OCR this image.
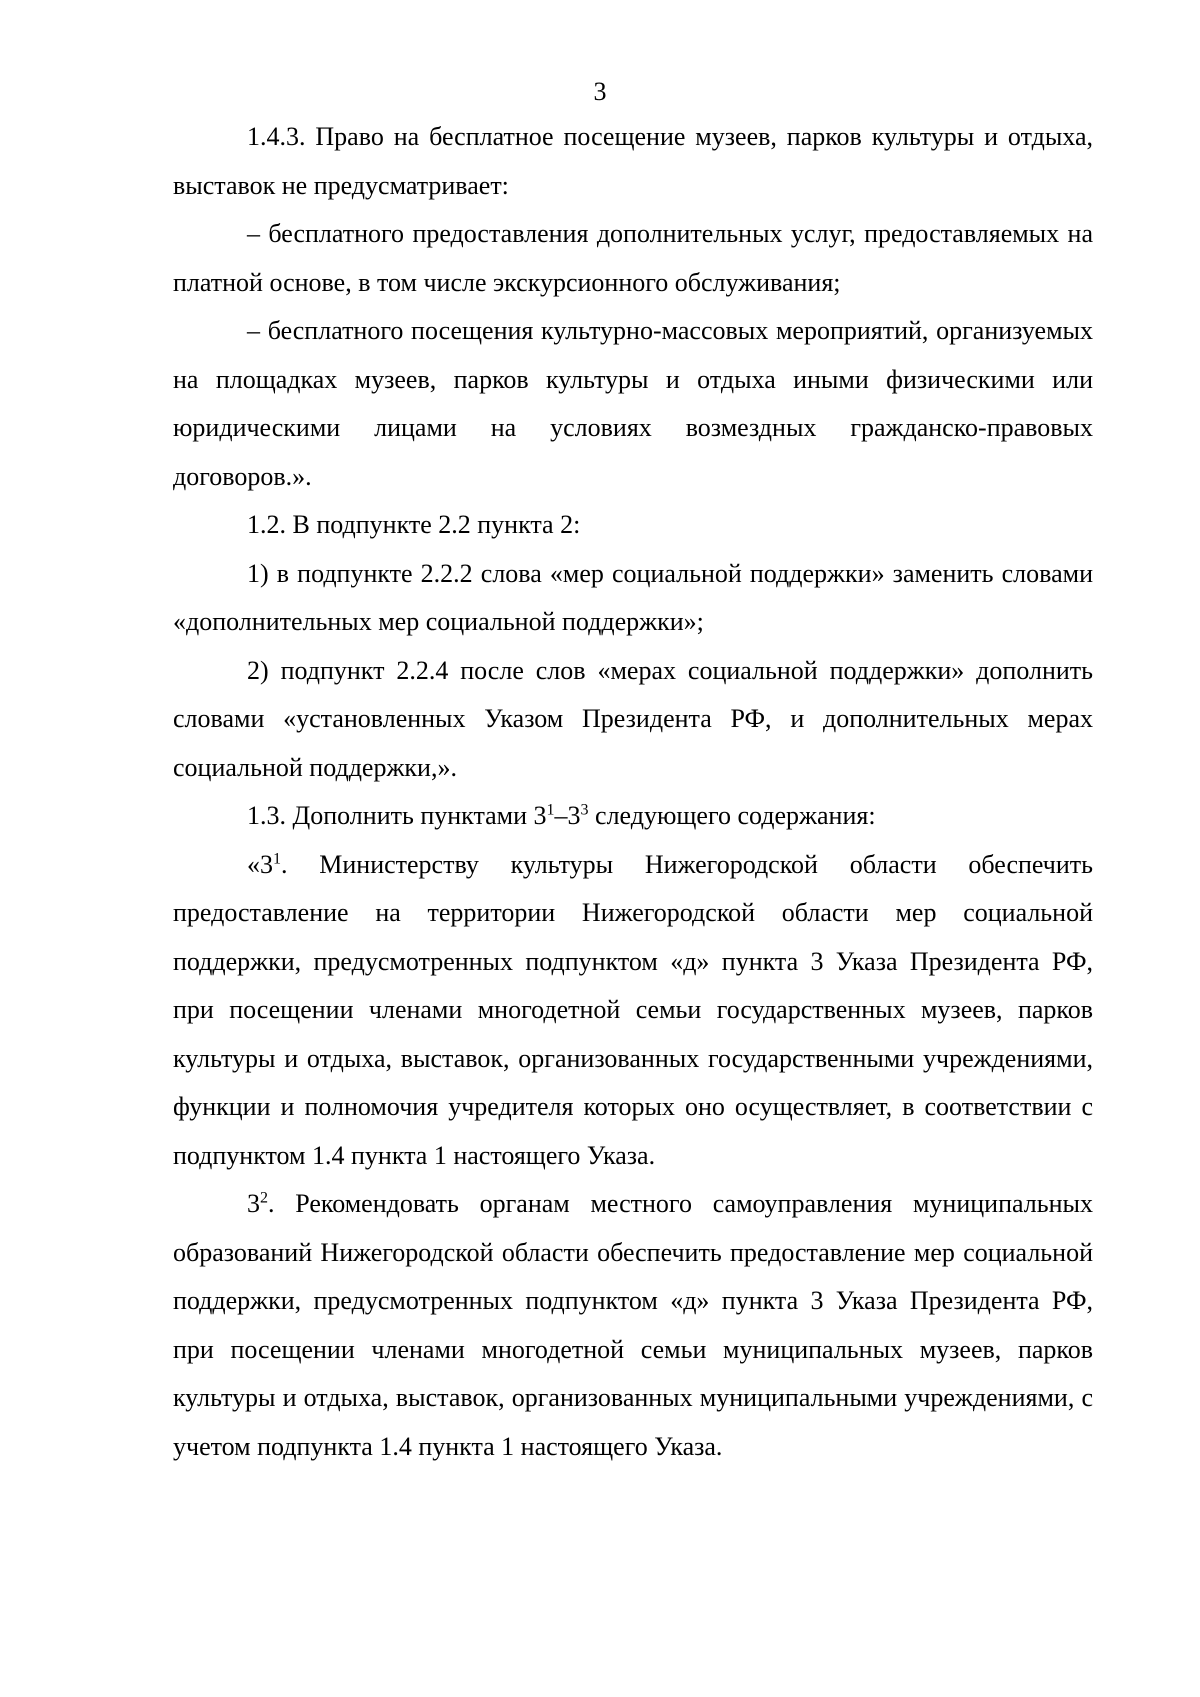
3

1.4.3. Право на бесплатное посещение музеев, парков культуры и отдыха, выставок не предусматривает:

– бесплатного предоставления дополнительных услуг, предоставляемых на платной основе, в том числе экскурсионного обслуживания;

– бесплатного посещения культурно-массовых мероприятий, организуемых на площадках музеев, парков культуры и отдыха иными физическими или юридическими лицами на условиях возмездных гражданско-правовых договоров.».

1.2. В подпункте 2.2 пункта 2:

1) в подпункте 2.2.2 слова «мер социальной поддержки» заменить словами «дополнительных мер социальной поддержки»;

2) подпункт 2.2.4 после слов «мерах социальной поддержки» дополнить словами «установленных Указом Президента РФ, и дополнительных мерах социальной поддержки,».

1.3. Дополнить пунктами $3^1-3^3$ следующего содержания:

«$3^1$. Министерству культуры Нижегородской области обеспечить предоставление на территории Нижегородской области мер социальной поддержки, предусмотренных подпунктом «д» пункта 3 Указа Президента РФ, при посещении членами многодетной семьи государственных музеев, парков культуры и отдыха, выставок, организованных государственными учреждениями, функции и полномочия учредителя которых оно осуществляет, в соответствии с подпунктом 1.4 пункта 1 настоящего Указа.

$3^2$. Рекомендовать органам местного самоуправления муниципальных образований Нижегородской области обеспечить предоставление мер социальной поддержки, предусмотренных подпунктом «д» пункта 3 Указа Президента РФ, при посещении членами многодетной семьи муниципальных музеев, парков культуры и отдыха, выставок, организованных муниципальными учреждениями, с учетом подпункта 1.4 пункта 1 настоящего Указа.
